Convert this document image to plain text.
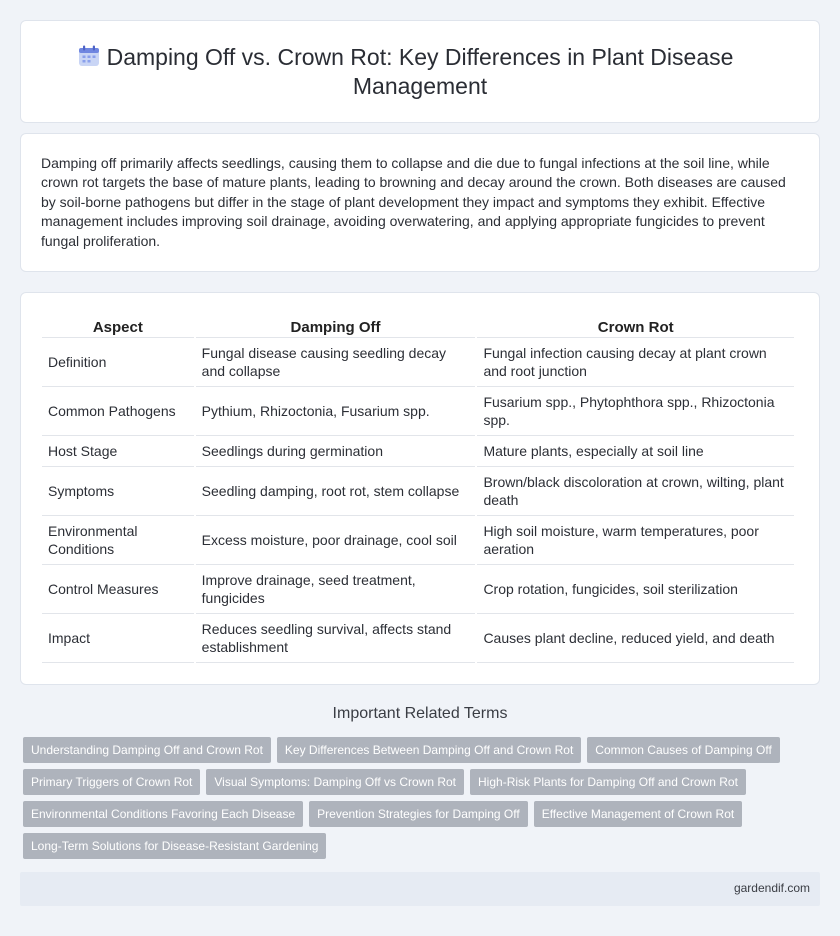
Damping Off vs. Crown Rot: Key Differences in Plant Disease Management

Damping off primarily affects seedlings, causing them to collapse and die due to fungal infections at the soil line, while crown rot targets the base of mature plants, leading to browning and decay around the crown. Both diseases are caused by soil-borne pathogens but differ in the stage of plant development they impact and symptoms they exhibit. Effective management includes improving soil drainage, avoiding overwatering, and applying appropriate fungicides to prevent fungal proliferation.

Aspect	Damping Off	Crown Rot
Definition	Fungal disease causing seedling decay and collapse	Fungal infection causing decay at plant crown and root junction
Common Pathogens	Pythium, Rhizoctonia, Fusarium spp.	Fusarium spp., Phytophthora spp., Rhizoctonia spp.
Host Stage	Seedlings during germination	Mature plants, especially at soil line
Symptoms	Seedling damping, root rot, stem collapse	Brown/black discoloration at crown, wilting, plant death
Environmental Conditions	Excess moisture, poor drainage, cool soil	High soil moisture, warm temperatures, poor aeration
Control Measures	Improve drainage, seed treatment, fungicides	Crop rotation, fungicides, soil sterilization
Impact	Reduces seedling survival, affects stand establishment	Causes plant decline, reduced yield, and death
Important Related Terms
Understanding Damping Off and Crown Rot	Key Differences Between Damping Off and Crown Rot	Common Causes of Damping Off
Primary Triggers of Crown Rot	Visual Symptoms: Damping Off vs Crown Rot	High-Risk Plants for Damping Off and Crown Rot
Environmental Conditions Favoring Each Disease	Prevention Strategies for Damping Off	Effective Management of Crown Rot
Long-Term Solutions for Disease-Resistant Gardening
gardendif.com
